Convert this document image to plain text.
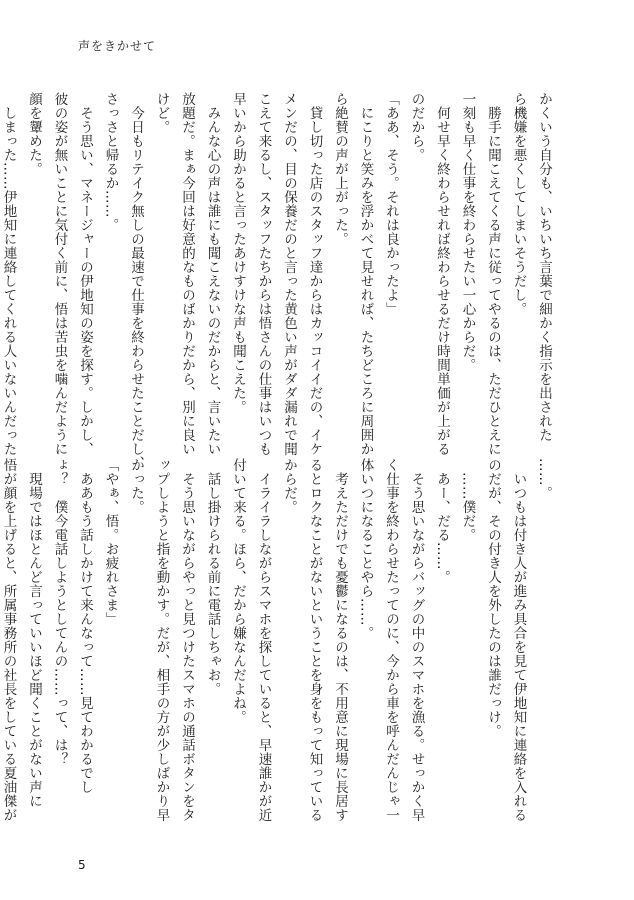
声をきかせて
かくいう自分も、いちいち言葉で細かく指示を出された
ら機嫌を悪くしてしまいそうだし。
　勝手に聞こえてくる声に従ってやるのは、ただひとえに
一刻も早く仕事を終わらせたい一心からだ。
　何せ早く終わらせれば終わらせるだけ時間単価が上がる
のだから。
「ああ、そう。それは良かったよ」
　にこりと笑みを浮かべて見せれば、たちどころに周囲か
ら絶賛の声が上がった。
　貸し切った店のスタッフ達からはカッコイイだの、イケ
メンだの、目の保養だのと言った黄色い声がダダ漏れで聞
こえて来るし、スタッフたちからは悟さんの仕事はいつも
早いから助かると言ったあけすけな声も聞こえた。
　みんな心の声は誰にも聞こえないのだからと、言いたい
放題だ。まぁ今回は好意的なものばかりだから、別に良い
けど。
　今日もリテイク無しの最速で仕事を終わらせたことだし、
さっさと帰るか……。
　そう思い、マネージャーの伊地知の姿を探す。しかし、
彼の姿が無いことに気付く前に、悟は苦虫を噛んだように
顔を顰めた。
　しまった……伊地知に連絡してくれる人いないんだった
……。
　いつもは付き人が進み具合を見て伊地知に連絡を入れる
のだが、その付き人を外したのは誰だっけ。
　……僕だ。
　あー、だる……。
　そう思いながらバッグの中のスマホを漁る。せっかく早
く仕事を終わらせたってのに、今から車を呼んだんじゃ一
体いつになることやら……。
　考えただけでも憂鬱になるのは、不用意に現場に長居す
るとロクなことがないということを身をもって知っている
からだ。
　イライラしながらスマホを探していると、早速誰かが近
付いて来る。ほら、だから嫌なんだよね。
　話し掛けられる前に電話しちゃお。
　そう思いながらやっと見つけたスマホの通話ボタンをタ
ップしようと指を動かす。だが、相手の方が少しばかり早
かった。
「やぁ、悟。お疲れさま」
　ああもう話しかけて来んなって……見てわかるでし
ょ？　僕今電話しようとしてんの……って、は？
　現場ではほとんど言っていいほど聞くことがない声に
悟が顔を上げると、所属事務所の社長をしている夏油傑が
5
